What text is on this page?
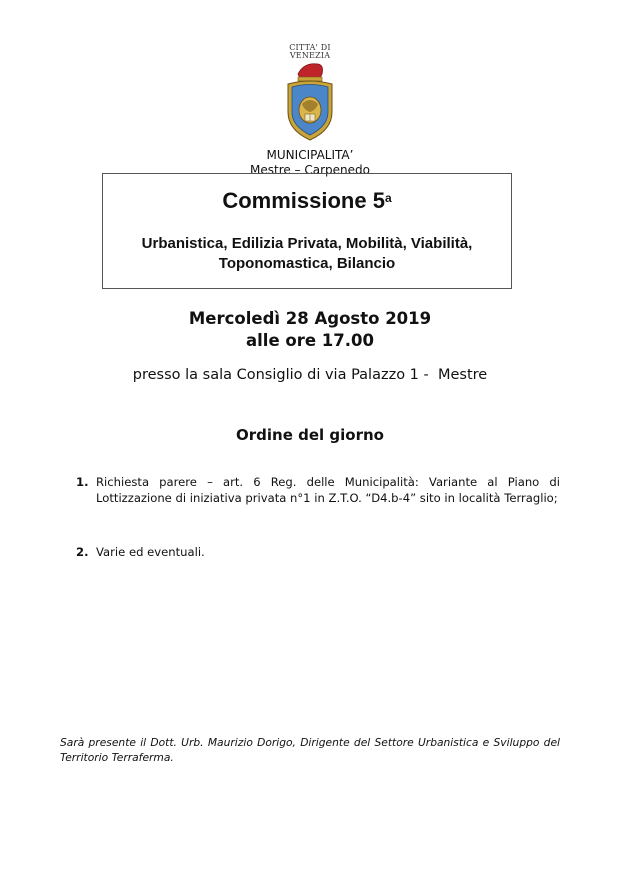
CITTA' DI
VENEZIA
MUNICIPALITA’
Mestre – Carpenedo
Commissione 5$^a$
Urbanistica, Edilizia Privata, Mobilità, Viabilità,
Toponomastica, Bilancio
Mercoledì 28 Agosto 2019
alle ore 17.00
presso la sala Consiglio di via Palazzo 1 -  Mestre
Ordine del giorno
1. Richiesta parere – art. 6 Reg. delle Municipalità: Variante al Piano di Lottizzazione di iniziativa privata n°1 in Z.T.O. “D4.b-4” sito in località Terraglio;
2. Varie ed eventuali.
Sarà presente il Dott. Urb. Maurizio Dorigo, Dirigente del Settore Urbanistica e Sviluppo del Territorio Terraferma.
